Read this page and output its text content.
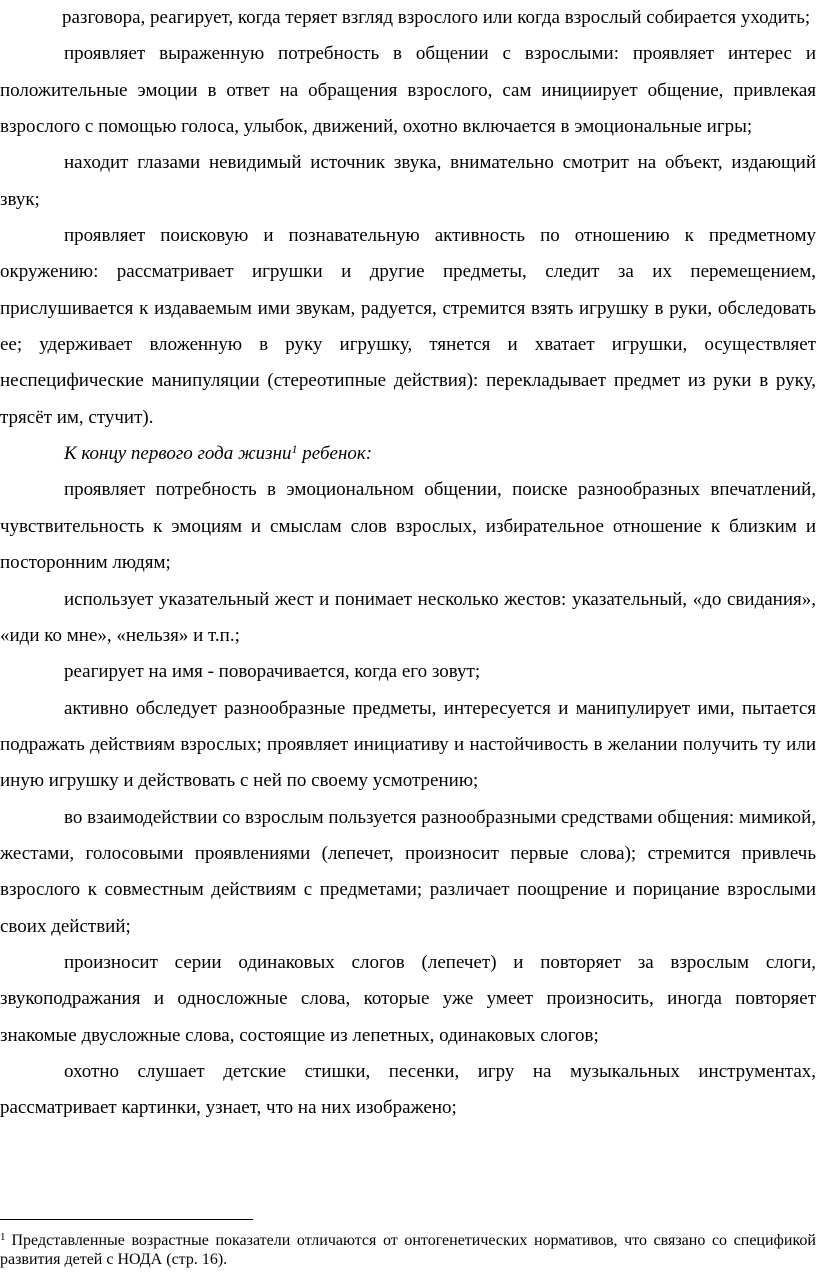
разговора, реагирует, когда теряет взгляд взрослого или когда взрослый собирается уходить;

проявляет выраженную потребность в общении с взрослыми: проявляет интерес и положительные эмоции в ответ на обращения взрослого, сам инициирует общение, привлекая взрослого с помощью голоса, улыбок, движений, охотно включается в эмоциональные игры;

находит глазами невидимый источник звука, внимательно смотрит на объект, издающий звук;

проявляет поисковую и познавательную активность по отношению к предметному окружению: рассматривает игрушки и другие предметы, следит за их перемещением, прислушивается к издаваемым ими звукам, радуется, стремится взять игрушку в руки, обследовать ее; удерживает вложенную в руку игрушку, тянется и хватает игрушки, осуществляет неспецифические манипуляции (стереотипные действия): перекладывает предмет из руки в руку, трясёт им, стучит).

К концу первого года жизни$^1$ ребенок:

проявляет потребность в эмоциональном общении, поиске разнообразных впечатлений, чувствительность к эмоциям и смыслам слов взрослых, избирательное отношение к близким и посторонним людям;

использует указательный жест и понимает несколько жестов: указательный, «до свидания», «иди ко мне», «нельзя» и т.п.;

реагирует на имя - поворачивается, когда его зовут;

активно обследует разнообразные предметы, интересуется и манипулирует ими, пытается подражать действиям взрослых; проявляет инициативу и настойчивость в желании получить ту или иную игрушку и действовать с ней по своему усмотрению;

во взаимодействии со взрослым пользуется разнообразными средствами общения: мимикой, жестами, голосовыми проявлениями (лепечет, произносит первые слова); стремится привлечь взрослого к совместным действиям с предметами; различает поощрение и порицание взрослыми своих действий;

произносит серии одинаковых слогов (лепечет) и повторяет за взрослым слоги, звукоподражания и односложные слова, которые уже умеет произносить, иногда повторяет знакомые двусложные слова, состоящие из лепетных, одинаковых слогов;

охотно слушает детские стишки, песенки, игру на музыкальных инструментах, рассматривает картинки, узнает, что на них изображено;

$^1$ Представленные возрастные показатели отличаются от онтогенетических нормативов, что связано со спецификой развития детей с НОДА (стр. 16).
